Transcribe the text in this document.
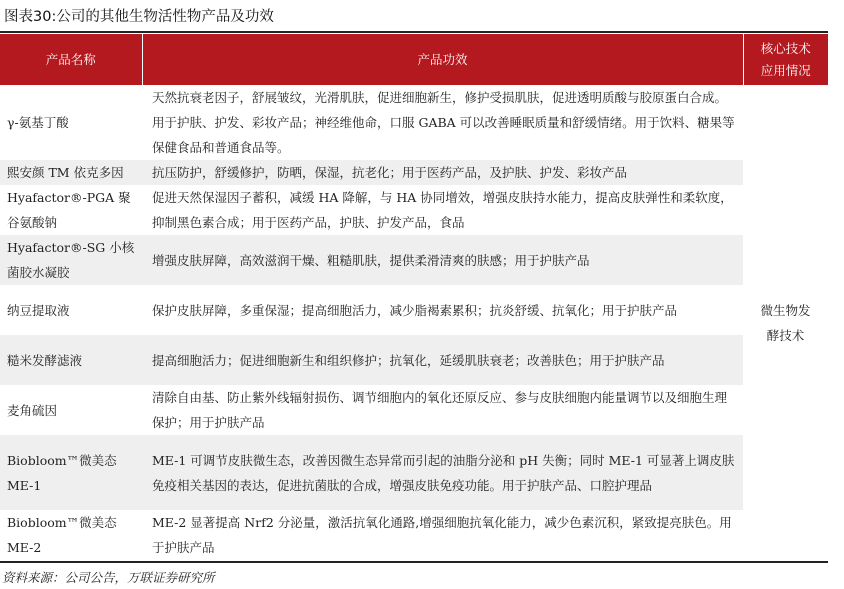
图表30:公司的其他生物活性物产品及功效
产品名称	产品功效	核心技术
应用情况

γ-氨基丁酸	天然抗衰老因子，舒展皱纹，光滑肌肤，促进细胞新生，修护受损肌肤，促进透明质酸与胶原蛋白合成。用于护肤、护发、彩妆产品；神经维他命，口服 GABA 可以改善睡眠质量和舒缓情绪。用于饮料、糖果等保健食品和普通食品等。	微生物发
酵技术

熙安颜 TM 依克多因	抗压防护，舒缓修护，防晒，保湿，抗老化；用于医药产品，及护肤、护发、彩妆产品	
Hyafactor®-PGA 聚谷氨酸钠	促进天然保湿因子蓄积，减缓 HA 降解，与 HA 协同增效，增强皮肤持水能力，提高皮肤弹性和柔软度，抑制黑色素合成；用于医药产品，护肤、护发产品，食品	
Hyafactor®-SG 小核菌胶水凝胶	增强皮肤屏障，高效滋润干燥、粗糙肌肤，提供柔滑清爽的肤感；用于护肤产品	
纳豆提取液	保护皮肤屏障，多重保湿；提高细胞活力，减少脂褐素累积；抗炎舒缓、抗氧化；用于护肤产品	
糙米发酵滤液	提高细胞活力；促进细胞新生和组织修护；抗氧化，延缓肌肤衰老；改善肤色；用于护肤产品	
麦角硫因	清除自由基、防止紫外线辐射损伤、调节细胞内的氧化还原反应、参与皮肤细胞内能量调节以及细胞生理保护；用于护肤产品	
Biobloom™微美态 ME-1	ME-1 可调节皮肤微生态，改善因微生态异常而引起的油脂分泌和 pH 失衡；同时 ME-1 可显著上调皮肤免疫相关基因的表达，促进抗菌肽的合成，增强皮肤免疫功能。用于护肤产品、口腔护理品	
Biobloom™微美态 ME-2	ME-2 显著提高 Nrf2 分泌量，激活抗氧化通路,增强细胞抗氧化能力，减少色素沉积，紧致提亮肤色。用于护肤产品	
资料来源：公司公告，万联证券研究所
